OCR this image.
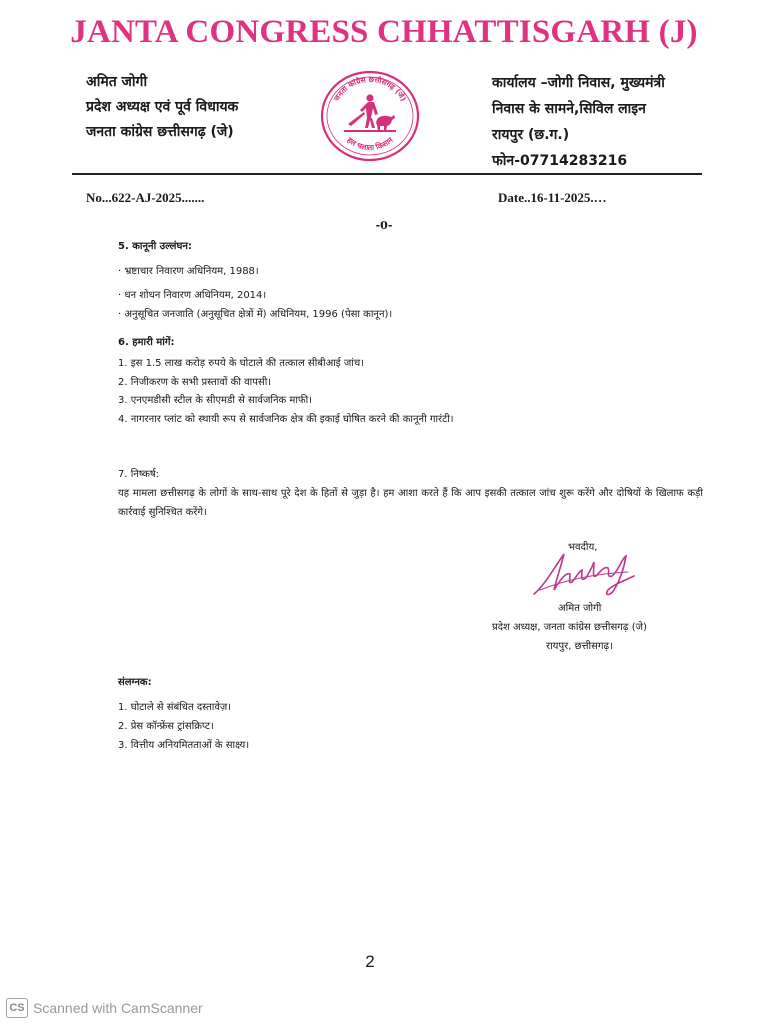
JANTA CONGRESS CHHATTISGARH (J)
अमित जोगी
प्रदेश अध्यक्ष एवं पूर्व विधायक
जनता कांग्रेस छत्तीसगढ़ (जे)
जनता कांग्रेस छत्तीसगढ़ (जे)
हल चलाता किसान
कार्यालय –जोगी निवास, मुख्यमंत्री
निवास के सामने,सिविल लाइन
रायपुर (छ.ग.)
फोन-07714283216
No...622-AJ-2025.......	Date..16-11-2025.…
-0-
5. कानूनी उल्लंघन:
· भ्रष्टाचार निवारण अधिनियम, 1988।
· धन शोधन निवारण अधिनियम, 2014।
· अनुसूचित जनजाति (अनुसूचित क्षेत्रों में) अधिनियम, 1996 (पेसा कानून)।
6. हमारी मांगें:
1. इस 1.5 लाख करोड़ रुपये के घोटाले की तत्काल सीबीआई जांच।
2. निजीकरण के सभी प्रस्तावों की वापसी।
3. एनएमडीसी स्टील के सीएमडी से सार्वजनिक माफी।
4. नागरनार प्लांट को स्थायी रूप से सार्वजनिक क्षेत्र की इकाई घोषित करने की कानूनी गारंटी।
7. निष्कर्ष:
यह मामला छत्तीसगढ़ के लोगों के साथ-साथ पूरे देश के हितों से जुड़ा है। हम आशा करते हैं कि आप इसकी तत्काल जांच शुरू करेंगे और दोषियों के खिलाफ कड़ी कार्रवाई सुनिश्चित करेंगे।
भवदीय,
अमित जोगी
प्रदेश अध्यक्ष, जनता कांग्रेस छत्तीसगढ़ (जे)
रायपुर, छत्तीसगढ़।
संलग्नक:
1. घोटाले से संबंधित दस्तावेज़।
2. प्रेस कॉन्फ्रेंस ट्रांसक्रिप्ट।
3. वित्तीय अनियमितताओं के साक्ष्य।
2
CS Scanned with CamScanner
